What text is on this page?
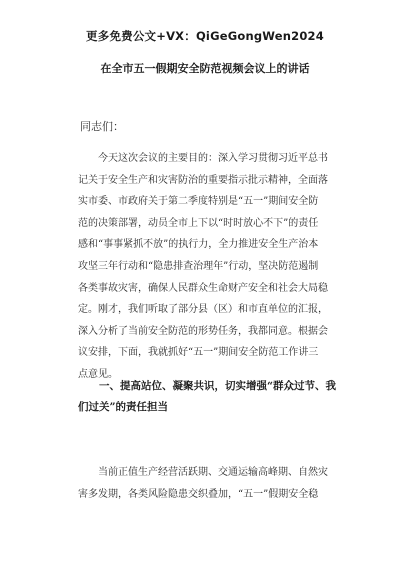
更多免费公文+VX：QiGeGongWen2024
在全市五一假期安全防范视频会议上的讲话
同志们：
　　今天这次会议的主要目的：深入学习贯彻习近平总书
记关于安全生产和灾害防治的重要指示批示精神，全面落
实市委、市政府关于第二季度特别是“五一”期间安全防
范的决策部署，动员全市上下以“时时放心不下”的责任
感和“事事紧抓不放”的执行力，全力推进安全生产治本
攻坚三年行动和“隐患排查治理年”行动，坚决防范遏制
各类事故灾害，确保人民群众生命财产安全和社会大局稳
定。刚才，我们听取了部分县（区）和市直单位的汇报，
深入分析了当前安全防范的形势任务，我都同意。根据会
议安排，下面，我就抓好“五一”期间安全防范工作讲三
点意见。
　　一、提高站位、凝聚共识，切实增强“群众过节、我
们过关”的责任担当
　　当前正值生产经营活跃期、交通运输高峰期、自然灾
害多发期，各类风险隐患交织叠加，“五一”假期安全稳
